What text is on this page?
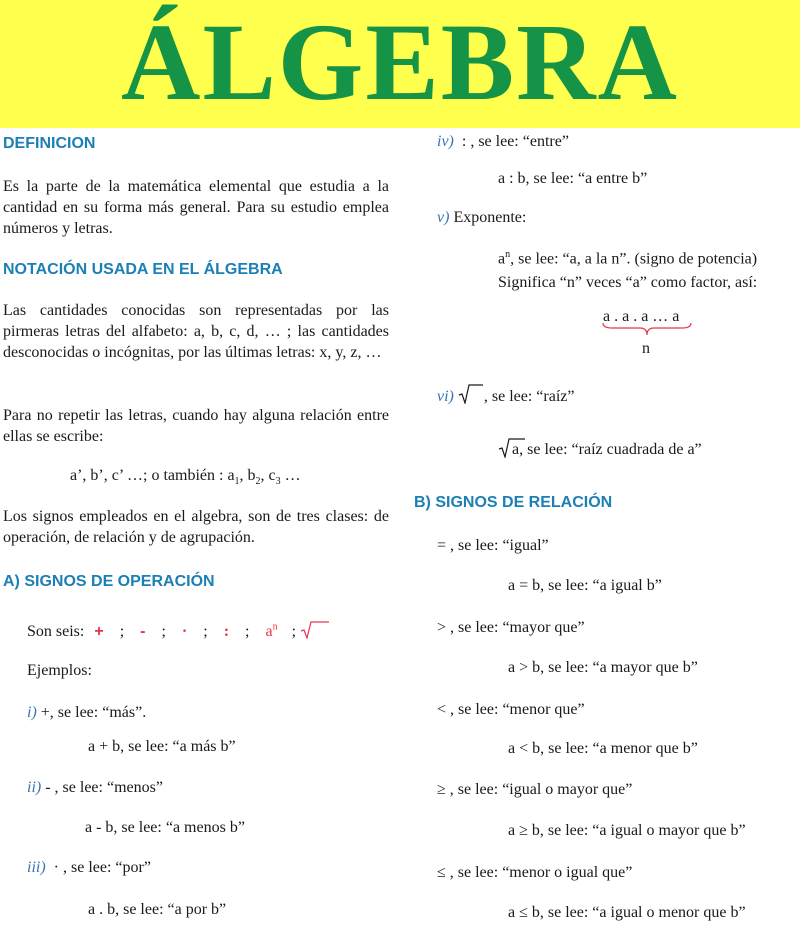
ÁLGEBRA
DEFINICION
Es la parte de la matemática elemental que estudia a la cantidad en su forma más general. Para su estudio emplea números y letras.
NOTACIÓN USADA EN EL ÁLGEBRA
Las cantidades conocidas son representadas por las pirmeras letras del alfabeto: a, b, c, d, … ; las cantidades desconocidas o incógnitas, por las últimas letras: x, y, z, …
Para no repetir las letras, cuando hay alguna relación entre ellas se escribe:
a’, b’, c’ …; o también : $a_1$, $b_2$, $c_3$ …
Los signos empleados en el algebra, son de tres clases: de operación, de relación y de agrupación.
A) SIGNOS DE OPERACIÓN
Son seis: + ; - ; · ; : ; $a^n$ ;
Ejemplos:
i) +, se lee: “más”.
a + b, se lee: “a más b”
ii) - , se lee: “menos”
a - b, se lee: “a menos b”
iii) · , se lee: “por”
a . b, se lee: “a por b”
iv) : , se lee: “entre”
a : b, se lee: “a entre b”
v) Exponente:
$a^n$, se lee: “a, a la n”. (signo de potencia)
Significa “n” veces “a” como factor, así:
a . a . a … a
n
vi) , se lee: “raíz”
a, se lee: “raíz cuadrada de a”
B) SIGNOS DE RELACIÓN
= , se lee: “igual”
a = b, se lee: “a igual b”
> , se lee: “mayor que”
a > b, se lee: “a mayor que b”
< , se lee: “menor que”
a < b, se lee: “a menor que b”
≥ , se lee: “igual o mayor que”
a ≥ b, se lee: “a igual o mayor que b”
≤ , se lee: “menor o igual que”
a ≤ b, se lee: “a igual o menor que b”
